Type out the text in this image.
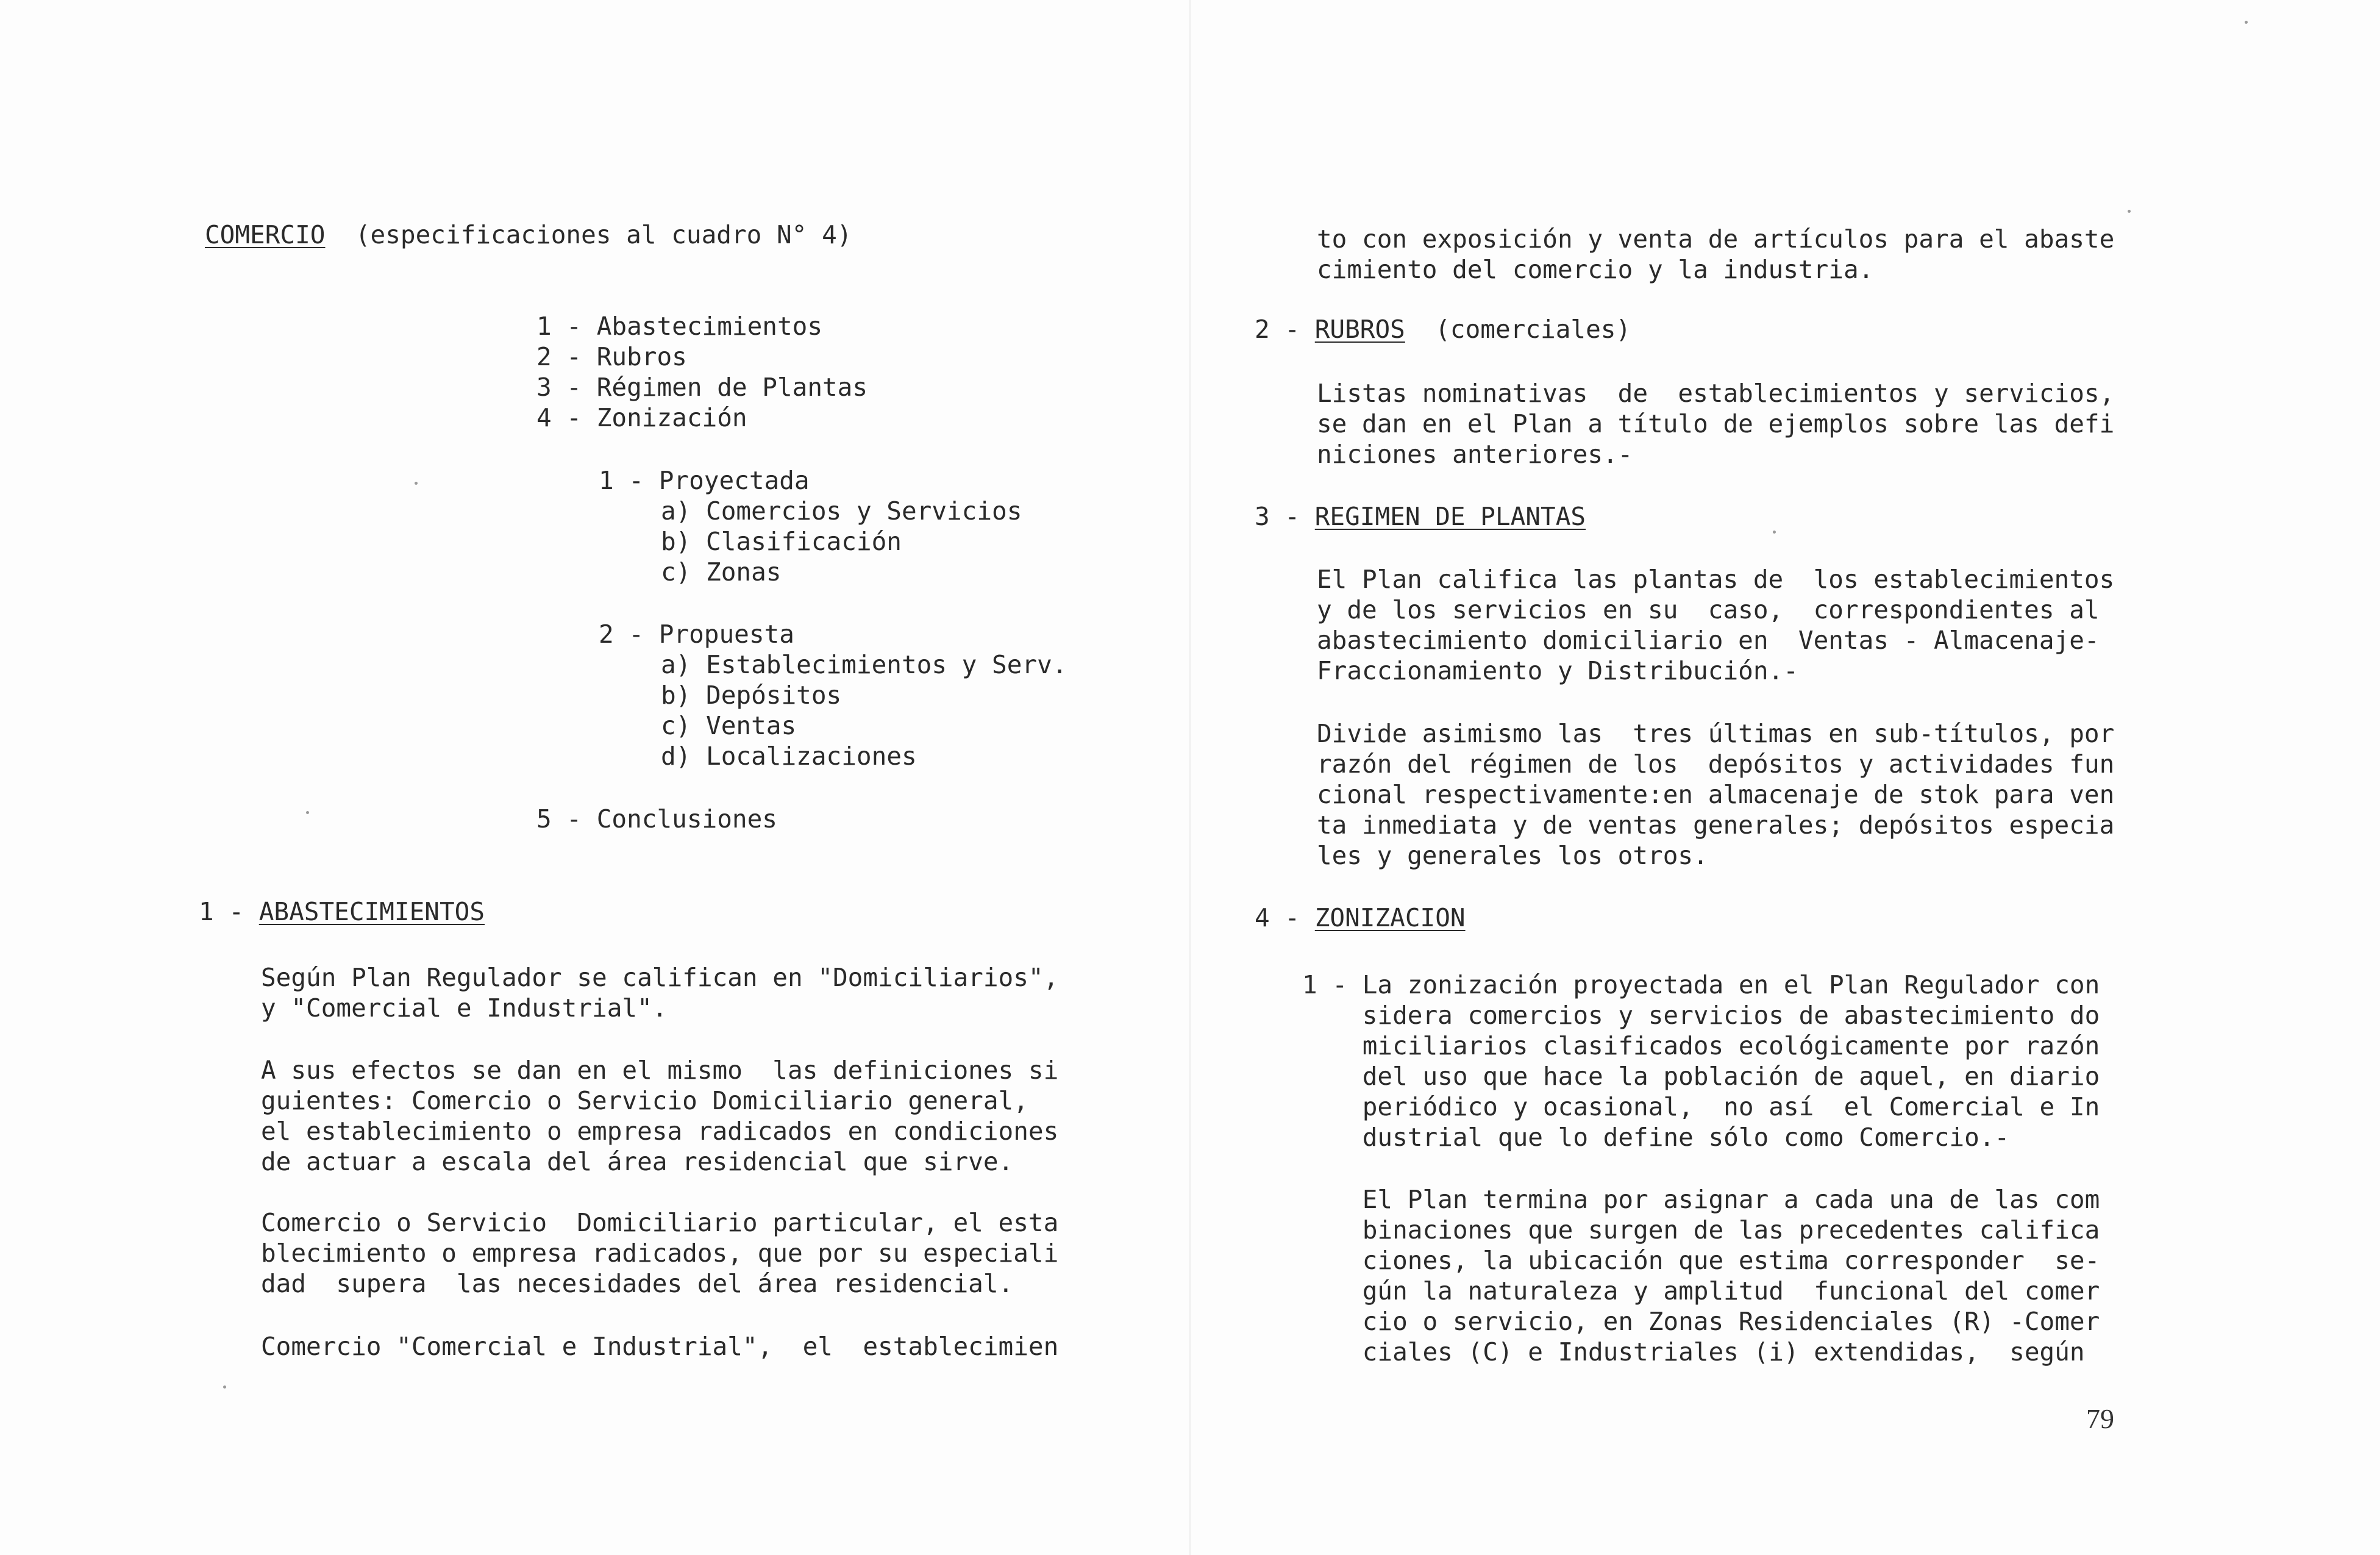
COMERCIO (especificaciones al cuadro N° 4)
1 - Abastecimientos
2 - Rubros
3 - Régimen de Plantas
4 - Zonización
1 - Proyectada
a) Comercios y Servicios
b) Clasificación
c) Zonas
2 - Propuesta
a) Establecimientos y Serv.
b) Depósitos
c) Ventas
d) Localizaciones
5 - Conclusiones
1 - ABASTECIMIENTOS
Según Plan Regulador se califican en "Domiciliarios",
y "Comercial e Industrial".
A sus efectos se dan en el mismo  las definiciones si
guientes: Comercio o Servicio Domiciliario general,
el establecimiento o empresa radicados en condiciones
de actuar a escala del área residencial que sirve.
Comercio o Servicio  Domiciliario particular, el esta
blecimiento o empresa radicados, que por su especiali
dad  supera  las necesidades del área residencial.
Comercio "Comercial e Industrial",  el  establecimien
to con exposición y venta de artículos para el abaste
cimiento del comercio y la industria.
2 - RUBROS (comerciales)
Listas nominativas  de  establecimientos y servicios,
se dan en el Plan a título de ejemplos sobre las defi
niciones anteriores.-
3 - REGIMEN DE PLANTAS
El Plan califica las plantas de  los establecimientos
y de los servicios en su  caso,  correspondientes al
abastecimiento domiciliario en  Ventas - Almacenaje-
Fraccionamiento y Distribución.-
Divide asimismo las  tres últimas en sub-títulos, por
razón del régimen de los  depósitos y actividades fun
cional respectivamente:en almacenaje de stok para ven
ta inmediata y de ventas generales; depósitos especia
les y generales los otros.
4 - ZONIZACION
1 - La zonización proyectada en el Plan Regulador con
sidera comercios y servicios de abastecimiento do
miciliarios clasificados ecológicamente por razón
del uso que hace la población de aquel, en diario
periódico y ocasional,  no así  el Comercial e In
dustrial que lo define sólo como Comercio.-
El Plan termina por asignar a cada una de las com
binaciones que surgen de las precedentes califica
ciones, la ubicación que estima corresponder  se-
gún la naturaleza y amplitud  funcional del comer
cio o servicio, en Zonas Residenciales (R) -Comer
ciales (C) e Industriales (i) extendidas,  según
79
